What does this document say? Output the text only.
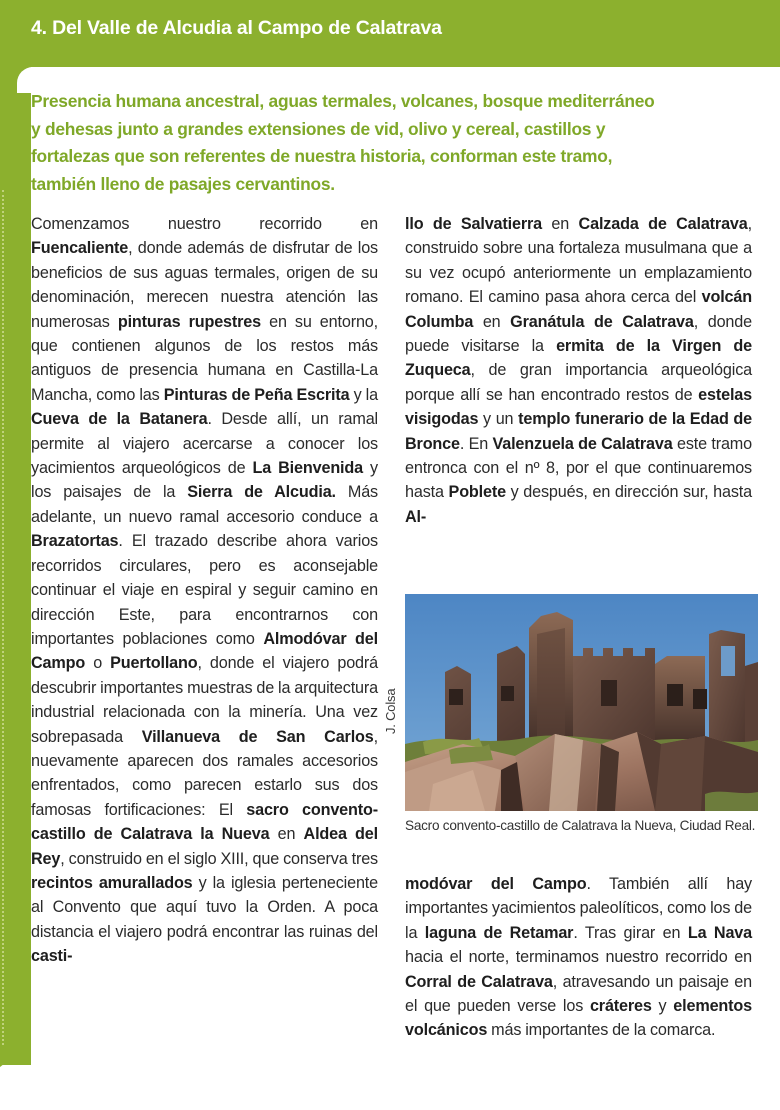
4. Del Valle de Alcudia al Campo de Calatrava
Presencia humana ancestral, aguas termales, volcanes, bosque mediterráneo y dehesas junto a grandes extensiones de vid, olivo y cereal, castillos y fortalezas que son referentes de nuestra historia, conforman este tramo, también lleno de pasajes cervantinos.
Comenzamos nuestro recorrido en Fuencaliente, donde además de disfrutar de los beneficios de sus aguas termales, origen de su denominación, merecen nuestra atención las numerosas pinturas rupestres en su entorno, que contienen algunos de los restos más antiguos de presencia humana en Castilla-La Mancha, como las Pinturas de Peña Escrita y la Cueva de la Batanera. Desde allí, un ramal permite al viajero acercarse a conocer los yacimientos arqueológicos de La Bienvenida y los paisajes de la Sierra de Alcudia. Más adelante, un nuevo ramal accesorio conduce a Brazatortas. El trazado describe ahora varios recorridos circulares, pero es aconsejable continuar el viaje en espiral y seguir camino en dirección Este, para encontrarnos con importantes poblaciones como Almodóvar del Campo o Puertollano, donde el viajero podrá descubrir importantes muestras de la arquitectura industrial relacionada con la minería. Una vez sobrepasada Villanueva de San Carlos, nuevamente aparecen dos ramales accesorios enfrentados, como parecen estarlo sus dos famosas fortificaciones: El sacro convento-castillo de Calatrava la Nueva en Aldea del Rey, construido en el siglo XIII, que conserva tres recintos amurallados y la iglesia perteneciente al Convento que aquí tuvo la Orden. A poca distancia el viajero podrá encontrar las ruinas del casti-
llo de Salvatierra en Calzada de Calatrava, construido sobre una fortaleza musulmana que a su vez ocupó anteriormente un emplazamiento romano. El camino pasa ahora cerca del volcán Columba en Granátula de Calatrava, donde puede visitarse la ermita de la Virgen de Zuqueca, de gran importancia arqueológica porque allí se han encontrado restos de estelas visigodas y un templo funerario de la Edad de Bronce. En Valenzuela de Calatrava este tramo entronca con el nº 8, por el que continuaremos hasta Poblete y después, en dirección sur, hasta Al-
modóvar del Campo. También allí hay importantes yacimientos paleolíticos, como los de la laguna de Retamar. Tras girar en La Nava hacia el norte, terminamos nuestro recorrido en Corral de Calatrava, atravesando un paisaje en el que pueden verse los cráteres y elementos volcánicos más importantes de la comarca.
J. Colsa
Sacro convento-castillo de Calatrava la Nueva, Ciudad Real.
